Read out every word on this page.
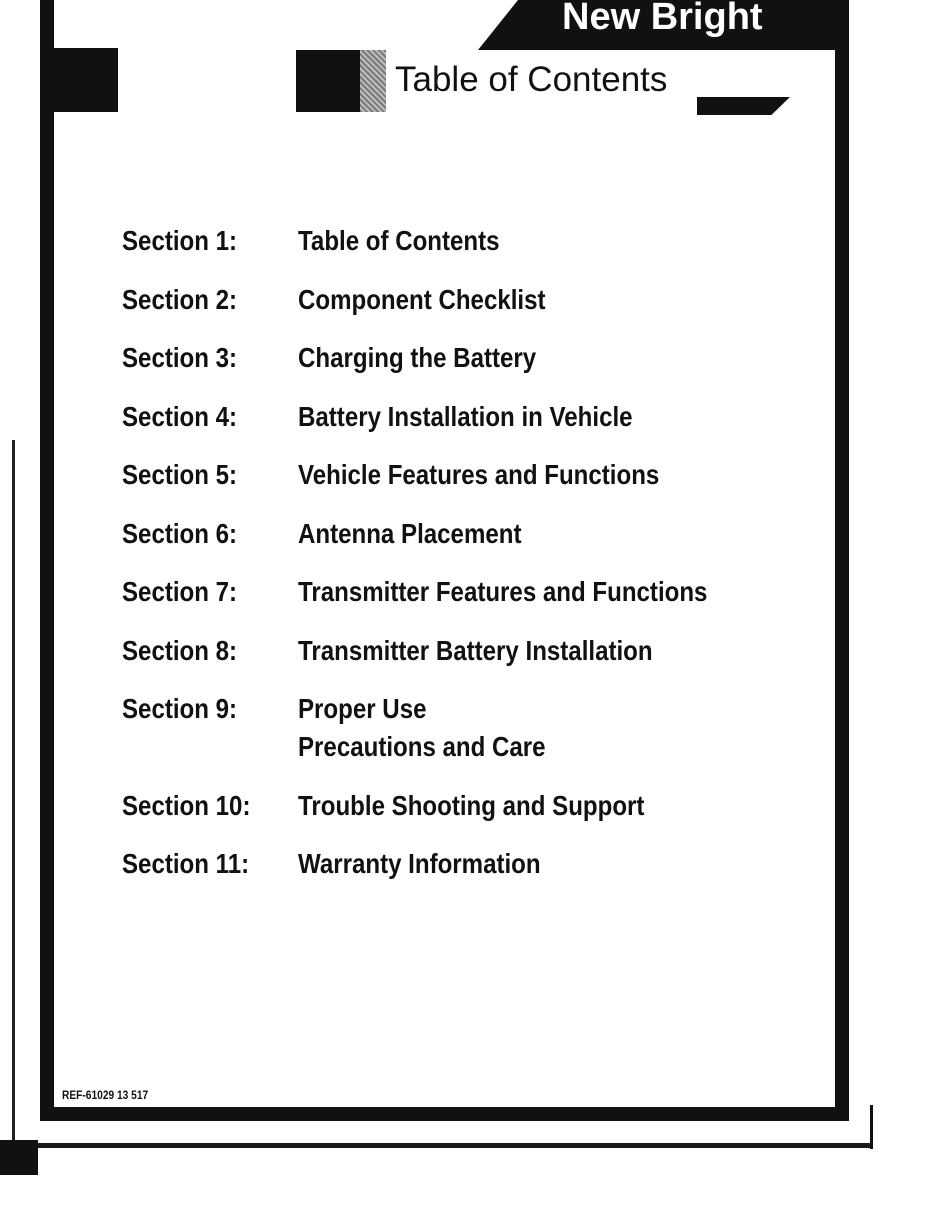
New Bright
Table of Contents
Section 1: Table of Contents
Section 2: Component Checklist
Section 3: Charging the Battery
Section 4: Battery Installation in Vehicle
Section 5: Vehicle Features and Functions
Section 6: Antenna Placement
Section 7: Transmitter Features and Functions
Section 8: Transmitter Battery Installation
Section 9: Proper Use
Precautions and Care
Section 10: Trouble Shooting and Support
Section 11: Warranty Information
REF-61029 13 517
